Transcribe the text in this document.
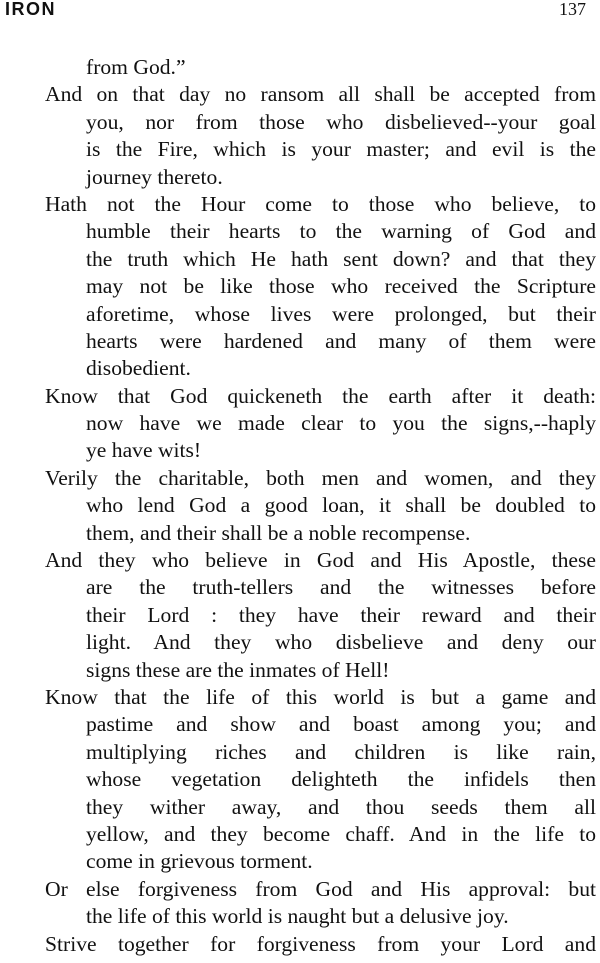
IRON	137
from God.”
And on that day no ransom all shall be accepted from
you, nor from those who disbelieved--your goal
is the Fire, which is your master; and evil is the
journey thereto.
Hath not the Hour come to those who believe, to
humble their hearts to the warning of God and
the truth which He hath sent down? and that they
may not be like those who received the Scripture
aforetime, whose lives were prolonged, but their
hearts were hardened and many of them were
disobedient.
Know that God quickeneth the earth after it death:
now have we made clear to you the signs,--haply
ye have wits!
Verily the charitable, both men and women, and they
who lend God a good loan, it shall be doubled to
them, and their shall be a noble recompense.
And they who believe in God and His Apostle, these
are the truth-tellers and the witnesses before
their Lord : they have their reward and their
light. And they who disbelieve and deny our
signs these are the inmates of Hell!
Know that the life of this world is but a game and
pastime and show and boast among you; and
multiplying riches and children is like rain,
whose vegetation delighteth the infidels then
they wither away, and thou seeds them all
yellow, and they become chaff. And in the life to
come in grievous torment.
Or else forgiveness from God and His approval: but
the life of this world is naught but a delusive joy.
Strive together for forgiveness from your Lord and
